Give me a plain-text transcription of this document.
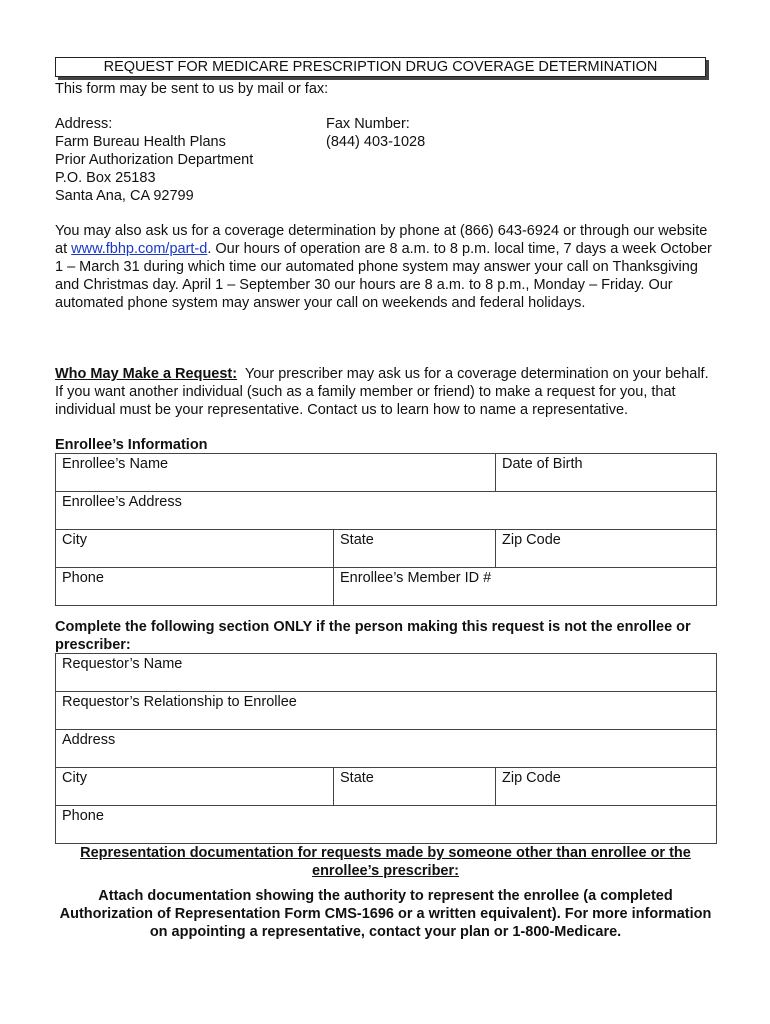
REQUEST FOR MEDICARE PRESCRIPTION DRUG COVERAGE DETERMINATION
This form may be sent to us by mail or fax:
Address:
Farm Bureau Health Plans
Prior Authorization Department
P.O. Box 25183
Santa Ana, CA 92799
Fax Number:
(844) 403-1028
You may also ask us for a coverage determination by phone at (866) 643-6924 or through our website at www.fbhp.com/part-d. Our hours of operation are 8 a.m. to 8 p.m. local time, 7 days a week October 1 – March 31 during which time our automated phone system may answer your call on Thanksgiving and Christmas day. April 1 – September 30 our hours are 8 a.m. to 8 p.m., Monday – Friday. Our automated phone system may answer your call on weekends and federal holidays.
Who May Make a Request:  Your prescriber may ask us for a coverage determination on your behalf. If you want another individual (such as a family member or friend) to make a request for you, that individual must be your representative. Contact us to learn how to name a representative.
Enrollee’s Information
Enrollee’s Name		Date of Birth
Enrollee’s Address		
City	State	Zip Code
Phone	Enrollee’s Member ID #	
Complete the following section ONLY if the person making this request is not the enrollee or prescriber:
Requestor’s Name
Requestor’s Relationship to Enrollee
Address
City	State	Zip Code
Phone
Representation documentation for requests made by someone other than enrollee or the enrollee’s prescriber:
Attach documentation showing the authority to represent the enrollee (a completed Authorization of Representation Form CMS-1696 or a written equivalent). For more information on appointing a representative, contact your plan or 1-800-Medicare.
